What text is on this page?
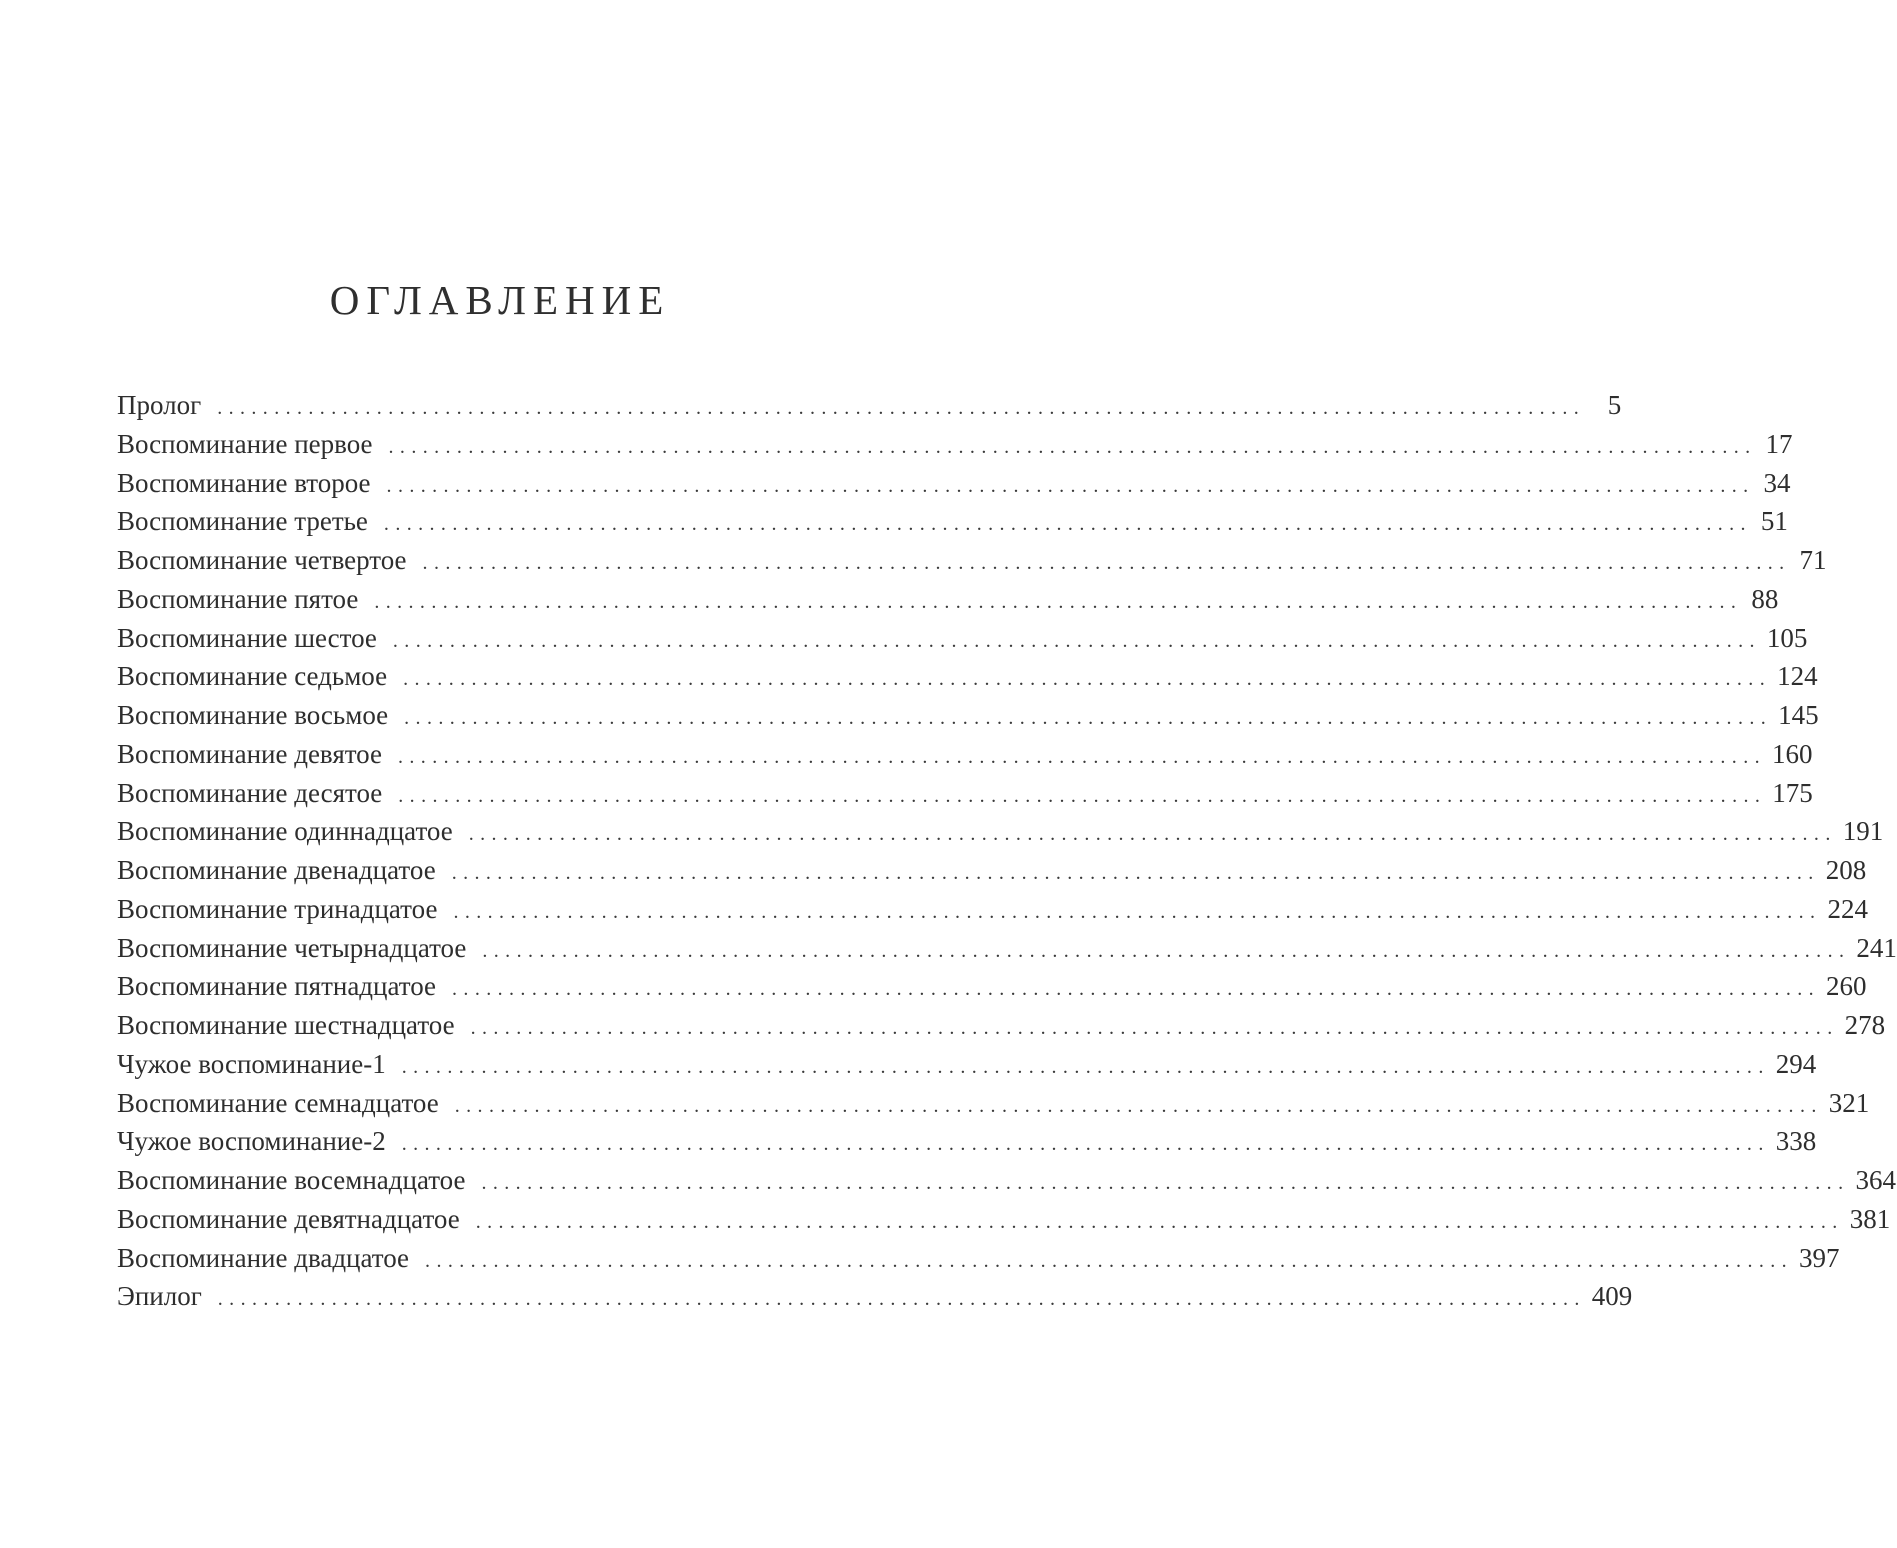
ОГЛАВЛЕНИЕ
Пролог ........................................................................................................................ 5
Воспоминание первое ........................................................................................................................ 17
Воспоминание второе ........................................................................................................................ 34
Воспоминание третье ........................................................................................................................ 51
Воспоминание четвертое ........................................................................................................................ 71
Воспоминание пятое ........................................................................................................................ 88
Воспоминание шестое ........................................................................................................................ 105
Воспоминание седьмое ........................................................................................................................ 124
Воспоминание восьмое ........................................................................................................................ 145
Воспоминание девятое ........................................................................................................................ 160
Воспоминание десятое ........................................................................................................................ 175
Воспоминание одиннадцатое ........................................................................................................................ 191
Воспоминание двенадцатое ........................................................................................................................ 208
Воспоминание тринадцатое ........................................................................................................................ 224
Воспоминание четырнадцатое ........................................................................................................................ 241
Воспоминание пятнадцатое ........................................................................................................................ 260
Воспоминание шестнадцатое ........................................................................................................................ 278
Чужое воспоминание-1 ........................................................................................................................ 294
Воспоминание семнадцатое ........................................................................................................................ 321
Чужое воспоминание-2 ........................................................................................................................ 338
Воспоминание восемнадцатое ........................................................................................................................ 364
Воспоминание девятнадцатое ........................................................................................................................ 381
Воспоминание двадцатое ........................................................................................................................ 397
Эпилог ........................................................................................................................ 409
